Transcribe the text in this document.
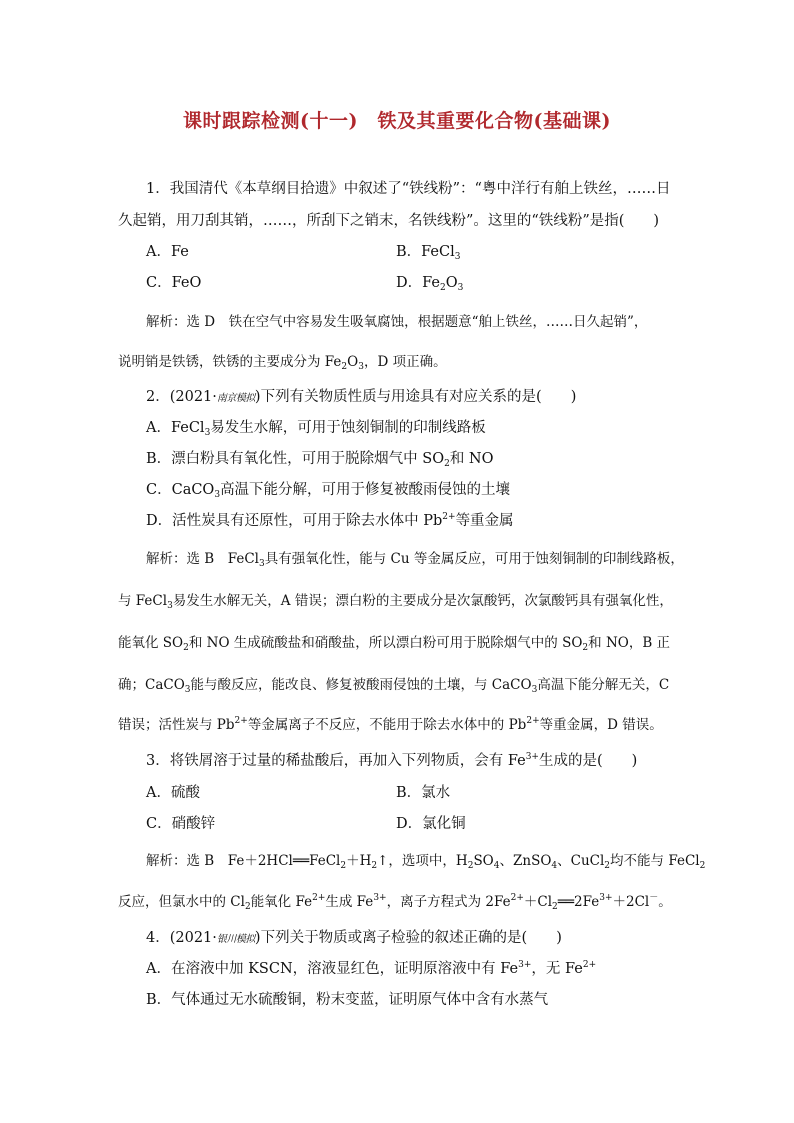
课时跟踪检测(十一)　铁及其重要化合物(基础课)
1．我国清代《本草纲目拾遗》中叙述了“铁线粉”：“粤中洋行有舶上铁丝，……日
久起销，用刀刮其销，……，所刮下之销末，名铁线粉”。这里的“铁线粉”是指(　　)
A．Fe	B．FeCl$_3$
C．FeO	D．$Fe_2O_3$
解析：选 D　铁在空气中容易发生吸氧腐蚀，根据题意“舶上铁丝，……日久起销”，
说明销是铁锈，铁锈的主要成分为 $Fe_2O_3$，D 项正确。
2．(2021·南京模拟)下列有关物质性质与用途具有对应关系的是(　　)
A．FeCl$_3$易发生水解，可用于蚀刻铜制的印制线路板
B．漂白粉具有氧化性，可用于脱除烟气中 $SO_2$和 NO
C．CaCO$_3$高温下能分解，可用于修复被酸雨侵蚀的土壤
D．活性炭具有还原性，可用于除去水体中 $Pb^{2+}$等重金属
解析：选 B　FeCl$_3$具有强氧化性，能与 Cu 等金属反应，可用于蚀刻铜制的印制线路板，
与 FeCl$_3$易发生水解无关，A 错误；漂白粉的主要成分是次氯酸钙，次氯酸钙具有强氧化性，
能氧化 $SO_2$和 NO 生成硫酸盐和硝酸盐，所以漂白粉可用于脱除烟气中的 $SO_2$和 NO，B 正
确；CaCO$_3$能与酸反应，能改良、修复被酸雨侵蚀的土壤，与 CaCO$_3$高温下能分解无关，C
错误；活性炭与 $Pb^{2+}$等金属离子不反应，不能用于除去水体中的 $Pb^{2+}$等重金属，D 错误。
3．将铁屑溶于过量的稀盐酸后，再加入下列物质，会有 $Fe^{3+}$生成的是(　　)
A．硫酸	B．氯水
C．硝酸锌	D．氯化铜
解析：选 B　$Fe+2HCl══FeCl_2+H_2↑$，选项中，$H_2SO_4$、ZnSO$_4$、CuCl$_2$均不能与 FeCl$_2$
反应，但氯水中的 $Cl_2$能氧化 $Fe^{2+}$生成 $Fe^{3+}$，离子方程式为 $2Fe^{2+}+Cl_2══2Fe^{3+}+2Cl^-$。
4．(2021·银川模拟)下列关于物质或离子检验的叙述正确的是(　　)
A．在溶液中加 KSCN，溶液显红色，证明原溶液中有 $Fe^{3+}$，无 $Fe^{2+}$
B．气体通过无水硫酸铜，粉末变蓝，证明原气体中含有水蒸气
